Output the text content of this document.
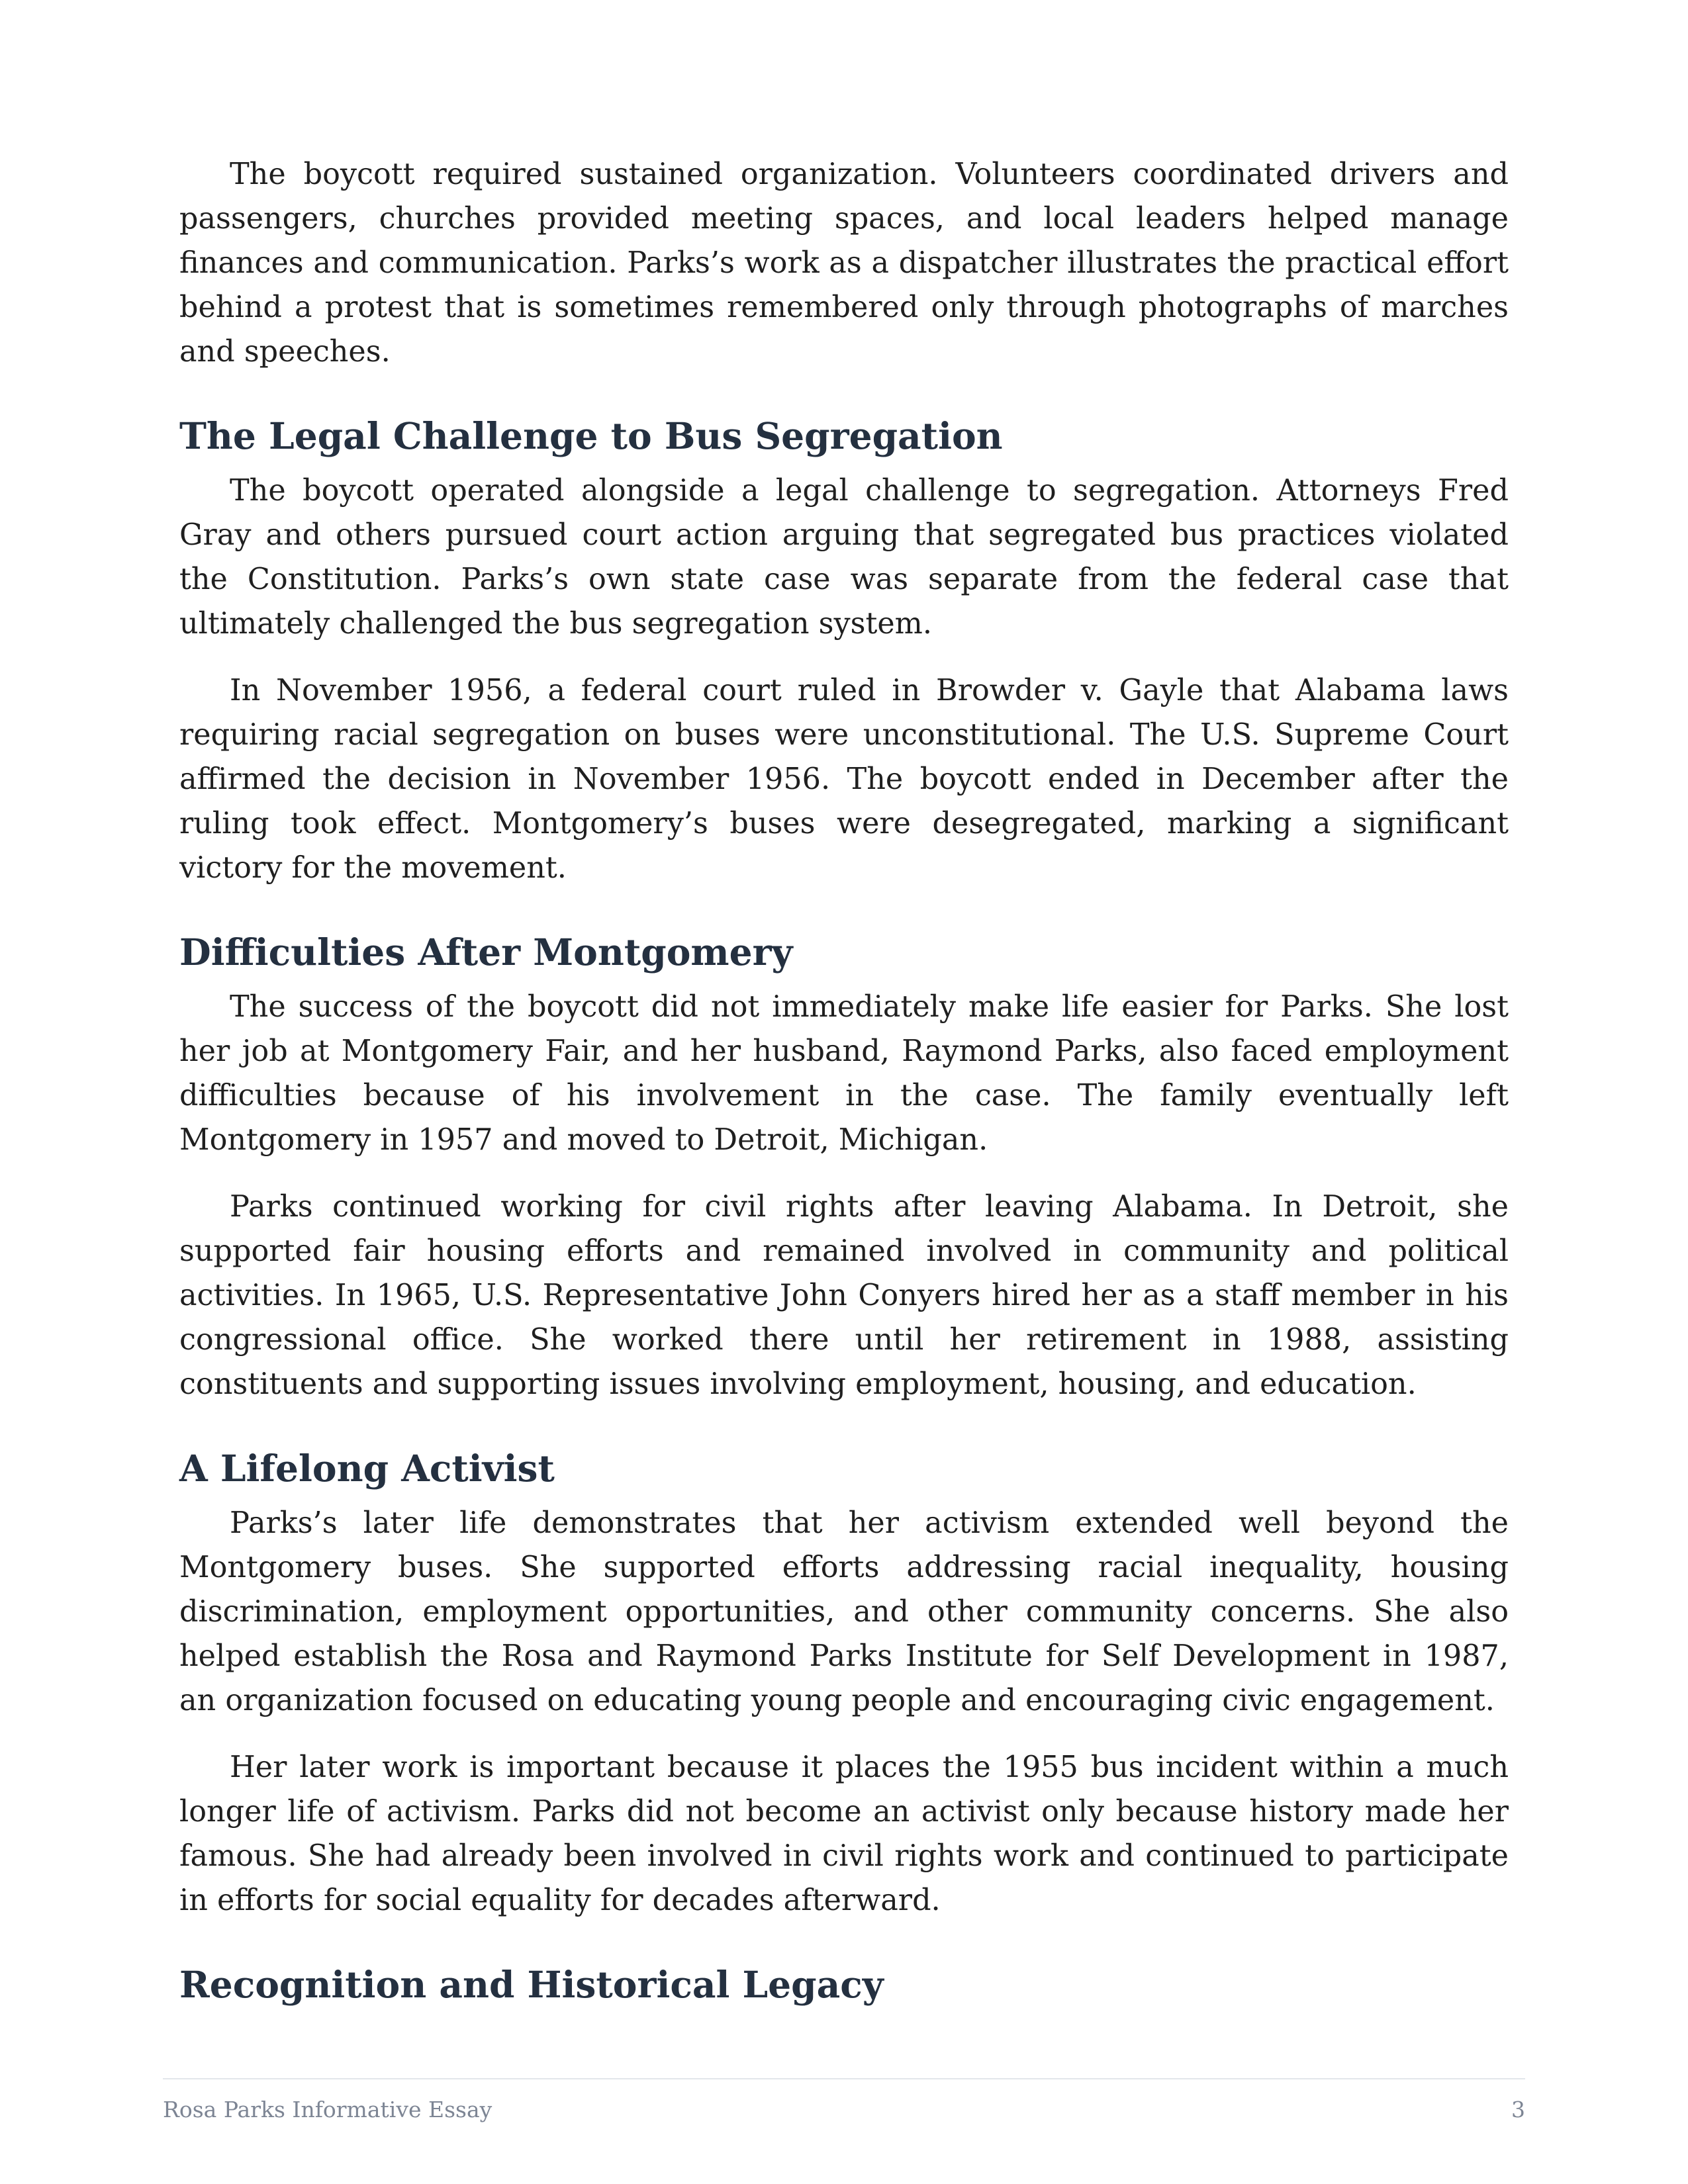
The boycott required sustained organization. Volunteers coordinated drivers and passengers, churches provided meeting spaces, and local leaders helped manage finances and communication. Parks’s work as a dispatcher illustrates the practical effort behind a protest that is sometimes remembered only through photographs of marches and speeches.

The Legal Challenge to Bus Segregation

The boycott operated alongside a legal challenge to segregation. Attorneys Fred Gray and others pursued court action arguing that segregated bus practices violated the Constitution. Parks’s own state case was separate from the federal case that ultimately challenged the bus segregation system.

In November 1956, a federal court ruled in Browder v. Gayle that Alabama laws requiring racial segregation on buses were unconstitutional. The U.S. Supreme Court affirmed the decision in November 1956. The boycott ended in December after the ruling took effect. Montgomery’s buses were desegregated, marking a significant victory for the movement.

Difficulties After Montgomery

The success of the boycott did not immediately make life easier for Parks. She lost her job at Montgomery Fair, and her husband, Raymond Parks, also faced employment difficulties because of his involvement in the case. The family eventually left Montgomery in 1957 and moved to Detroit, Michigan.

Parks continued working for civil rights after leaving Alabama. In Detroit, she supported fair housing efforts and remained involved in community and political activities. In 1965, U.S. Representative John Conyers hired her as a staff member in his congressional office. She worked there until her retirement in 1988, assisting constituents and supporting issues involving employment, housing, and education.

A Lifelong Activist

Parks’s later life demonstrates that her activism extended well beyond the Montgomery buses. She supported efforts addressing racial inequality, housing discrimination, employment opportunities, and other community concerns. She also helped establish the Rosa and Raymond Parks Institute for Self Development in 1987, an organization focused on educating young people and encouraging civic engagement.

Her later work is important because it places the 1955 bus incident within a much longer life of activism. Parks did not become an activist only because history made her famous. She had already been involved in civil rights work and continued to participate in efforts for social equality for decades afterward.

Recognition and Historical Legacy
Rosa Parks Informative Essay	3
